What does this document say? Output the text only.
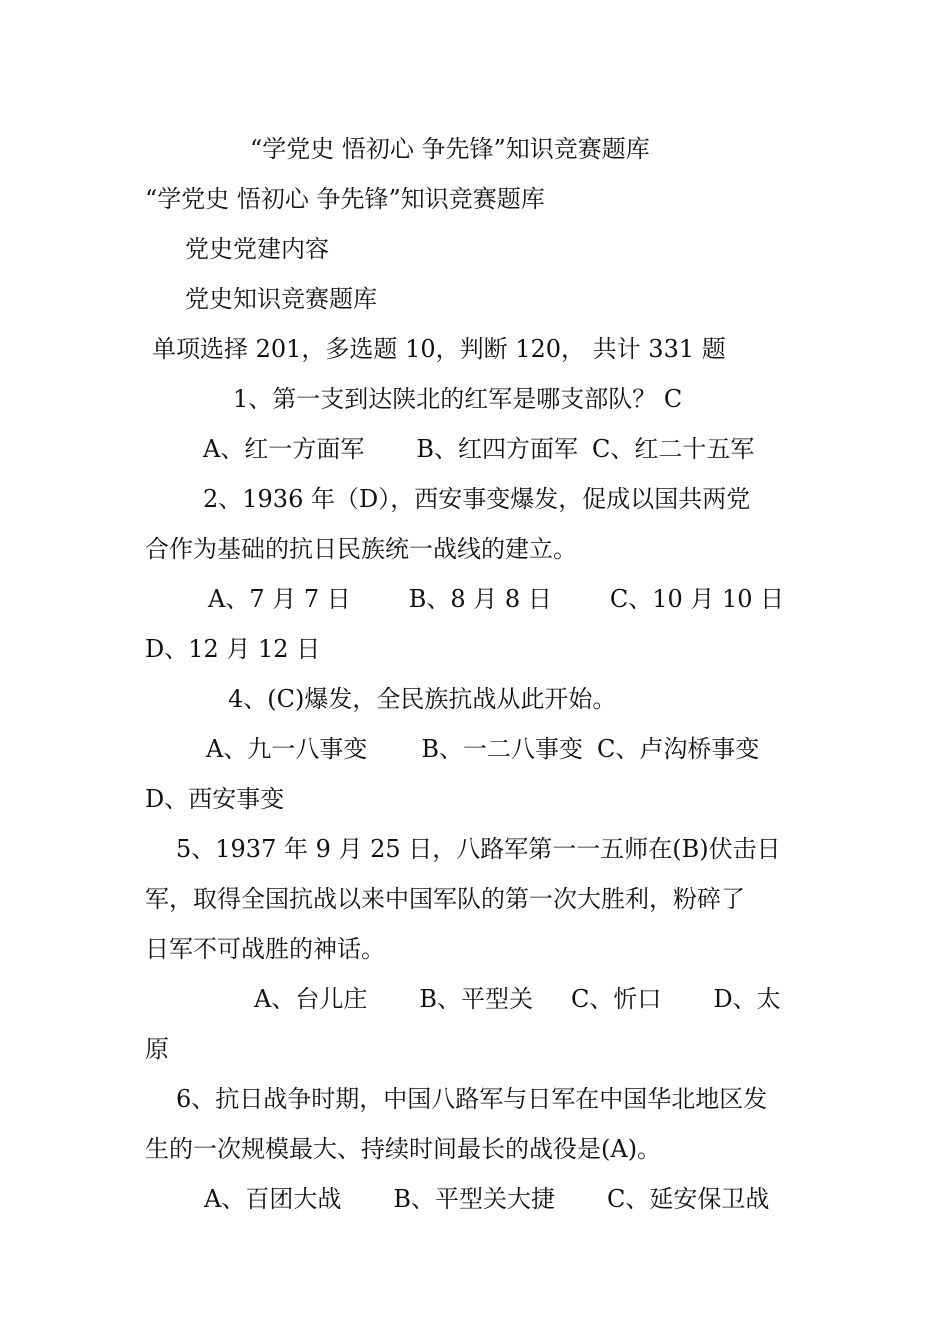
“学党史 悟初心 争先锋”知识竞赛题库

“学党史 悟初心 争先锋”知识竞赛题库

党史党建内容

党史知识竞赛题库

单项选择 201，多选题 10，判断 120， 共计 331 题

1、第一支到达陕北的红军是哪支部队？ C

A、红一方面军 B、红四方面军 C、红二十五军

2、1936 年（D），西安事变爆发，促成以国共两党

合作为基础的抗日民族统一战线的建立。

A、7 月 7 日 B、8 月 8 日 C、10 月 10 日

D、12 月 12 日

4、(C)爆发，全民族抗战从此开始。

A、九一八事变 B、一二八事变 C、卢沟桥事变

D、西安事变

5、1937 年 9 月 25 日，八路军第一一五师在(B)伏击日

军，取得全国抗战以来中国军队的第一次大胜利，粉碎了

日军不可战胜的神话。

A、台儿庄 B、平型关 C、忻口 D、太

原

6、抗日战争时期，中国八路军与日军在中国华北地区发

生的一次规模最大、持续时间最长的战役是(A)。

A、百团大战 B、平型关大捷 C、延安保卫战
